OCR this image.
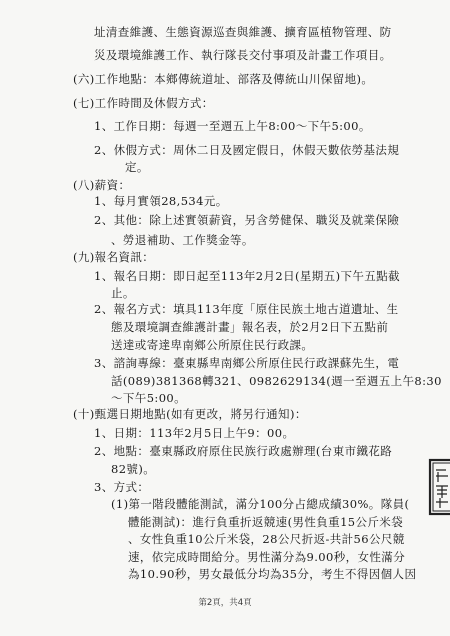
址清查維護、生態資源巡查與維護、擴育區植物管理、防
災及環境維護工作、執行隊長交付事項及計畫工作項目。
(六)工作地點：本鄉傳統道址、部落及傳統山川保留地)。
(七)工作時間及休假方式：
1、工作日期：每週一至週五上午8:00～下午5:00。
2、休假方式：周休二日及國定假日，休假天數依勞基法規
定。
(八)薪資：
1、每月實領28,534元。
2、其他：除上述實領薪資，另含勞健保、職災及就業保險
、勞退補助、工作獎金等。
(九)報名資訊：
1、報名日期：即日起至113年2月2日(星期五)下午五點截
止。
2、報名方式：填具113年度「原住民族土地古道遺址、生
態及環境調查維護計畫」報名表，於2月2日下五點前
送達或寄達卑南鄉公所原住民行政課。
3、諮詢專線：臺東縣卑南鄉公所原住民行政課蘇先生，電
話(089)381368轉321、0982629134(週一至週五上午8:30
～下午5:00。
(十)甄選日期地點(如有更改，將另行通知)：
1、日期：113年2月5日上午9：00。
2、地點：臺東縣政府原住民族行政處辦理(台東市鐵花路
82號)。
3、方式：
(1)第一階段體能測試，滿分100分占總成績30%。隊員(
體能測試)：進行負重折返競速(男性負重15公斤米袋
、女性負重10公斤米袋，28公尺折返-共計56公尺競
速，依完成時間給分。男性滿分為9.00秒，女性滿分
為10.90秒，男女最低分均為35分，考生不得因個人因
第2頁，共4頁
